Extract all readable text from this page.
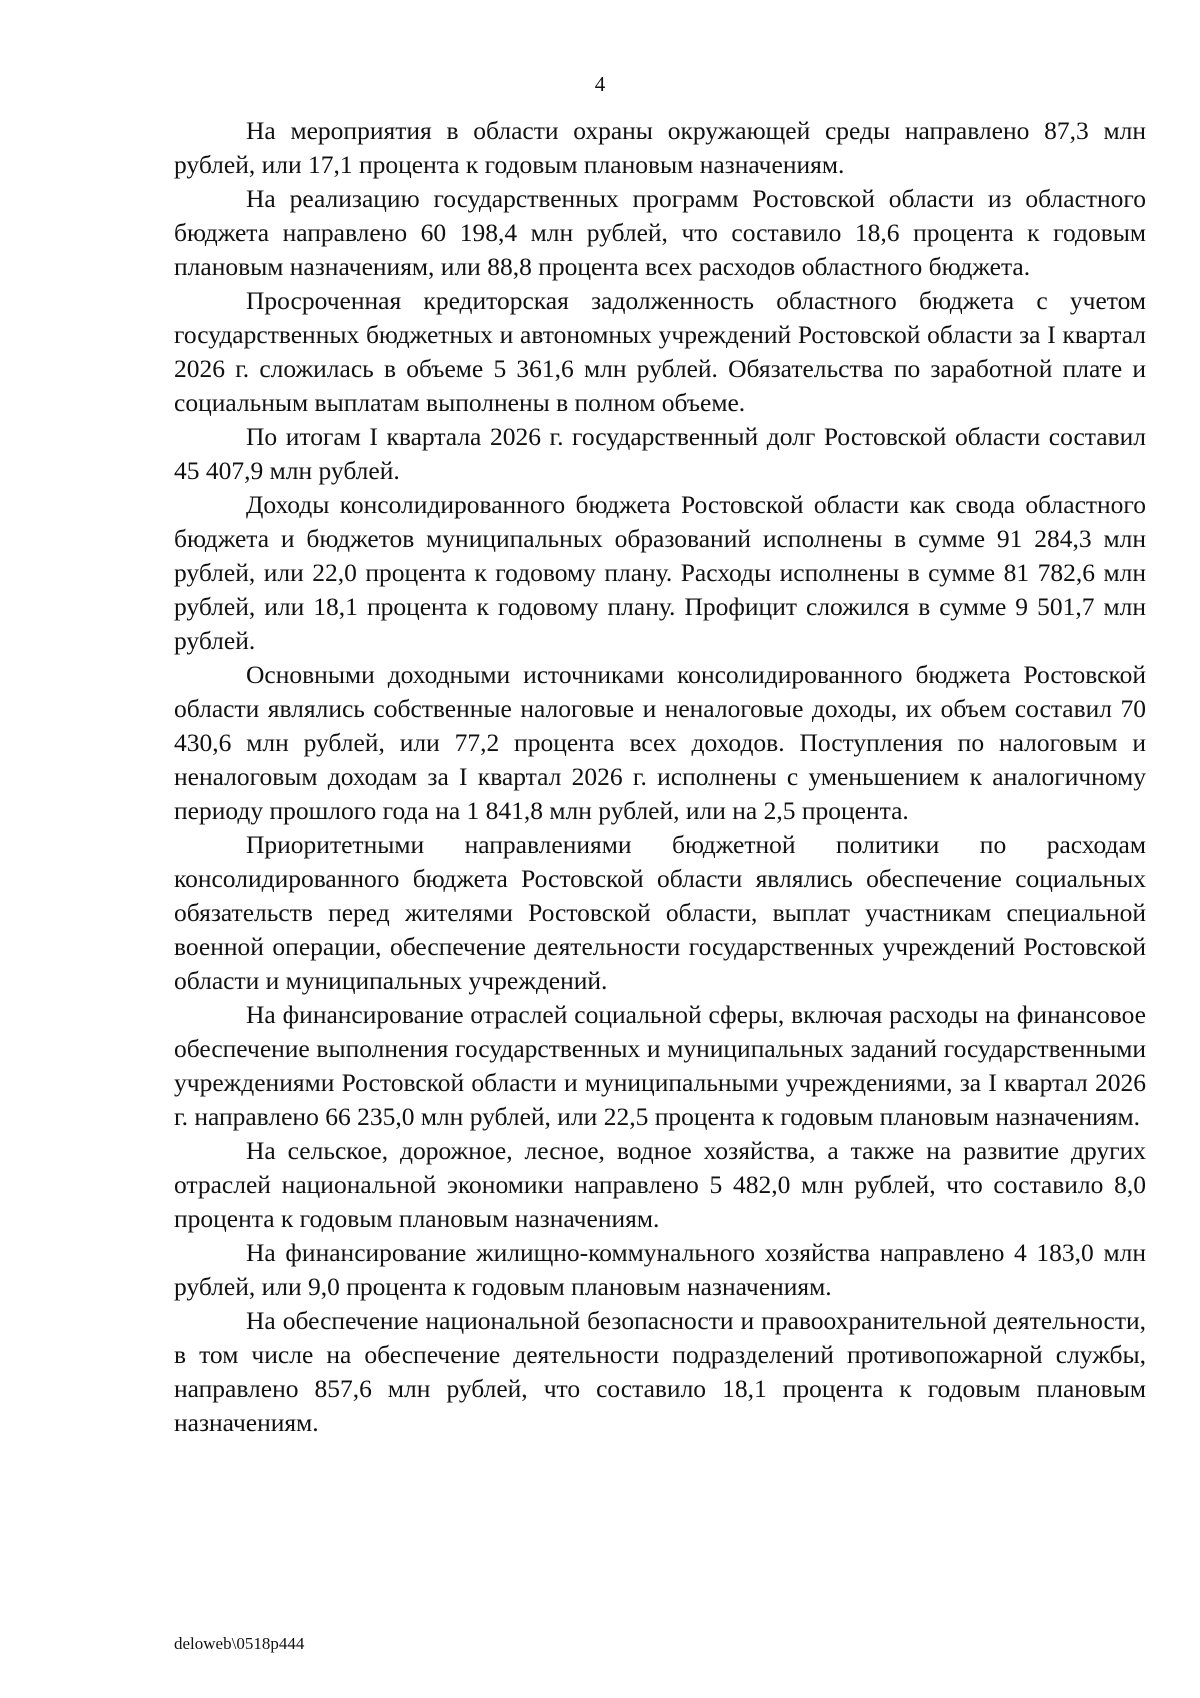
4

На мероприятия в области охраны окружающей среды направлено 87,3 млн рублей, или 17,1 процента к годовым плановым назначениям.

На реализацию государственных программ Ростовской области из областного бюджета направлено 60 198,4 млн рублей, что составило 18,6 процента к годовым плановым назначениям, или 88,8 процента всех расходов областного бюджета.

Просроченная кредиторская задолженность областного бюджета с учетом государственных бюджетных и автономных учреждений Ростовской области за I квартал 2026 г. сложилась в объеме 5 361,6 млн рублей. Обязательства по заработной плате и социальным выплатам выполнены в полном объеме.

По итогам I квартала 2026 г. государственный долг Ростовской области составил 45 407,9 млн рублей.

Доходы консолидированного бюджета Ростовской области как свода областного бюджета и бюджетов муниципальных образований исполнены в сумме 91 284,3 млн рублей, или 22,0 процента к годовому плану. Расходы исполнены в сумме 81 782,6 млн рублей, или 18,1 процента к годовому плану. Профицит сложился в сумме 9 501,7 млн рублей.

Основными доходными источниками консолидированного бюджета Ростовской области являлись собственные налоговые и неналоговые доходы, их объем составил 70 430,6 млн рублей, или 77,2 процента всех доходов. Поступления по налоговым и неналоговым доходам за I квартал 2026 г. исполнены с уменьшением к аналогичному периоду прошлого года на 1 841,8 млн рублей, или на 2,5 процента.

Приоритетными направлениями бюджетной политики по расходам консолидированного бюджета Ростовской области являлись обеспечение социальных обязательств перед жителями Ростовской области, выплат участникам специальной военной операции, обеспечение деятельности государственных учреждений Ростовской области и муниципальных учреждений.

На финансирование отраслей социальной сферы, включая расходы на финансовое обеспечение выполнения государственных и муниципальных заданий государственными учреждениями Ростовской области и муниципальными учреждениями, за I квартал 2026 г. направлено 66 235,0 млн рублей, или 22,5 процента к годовым плановым назначениям.

На сельское, дорожное, лесное, водное хозяйства, а также на развитие других отраслей национальной экономики направлено 5 482,0 млн рублей, что составило 8,0 процента к годовым плановым назначениям.

На финансирование жилищно-коммунального хозяйства направлено 4 183,0 млн рублей, или 9,0 процента к годовым плановым назначениям.

На обеспечение национальной безопасности и правоохранительной деятельности, в том числе на обеспечение деятельности подразделений противопожарной службы, направлено 857,6 млн рублей, что составило 18,1 процента к годовым плановым назначениям.

deloweb\0518p444
